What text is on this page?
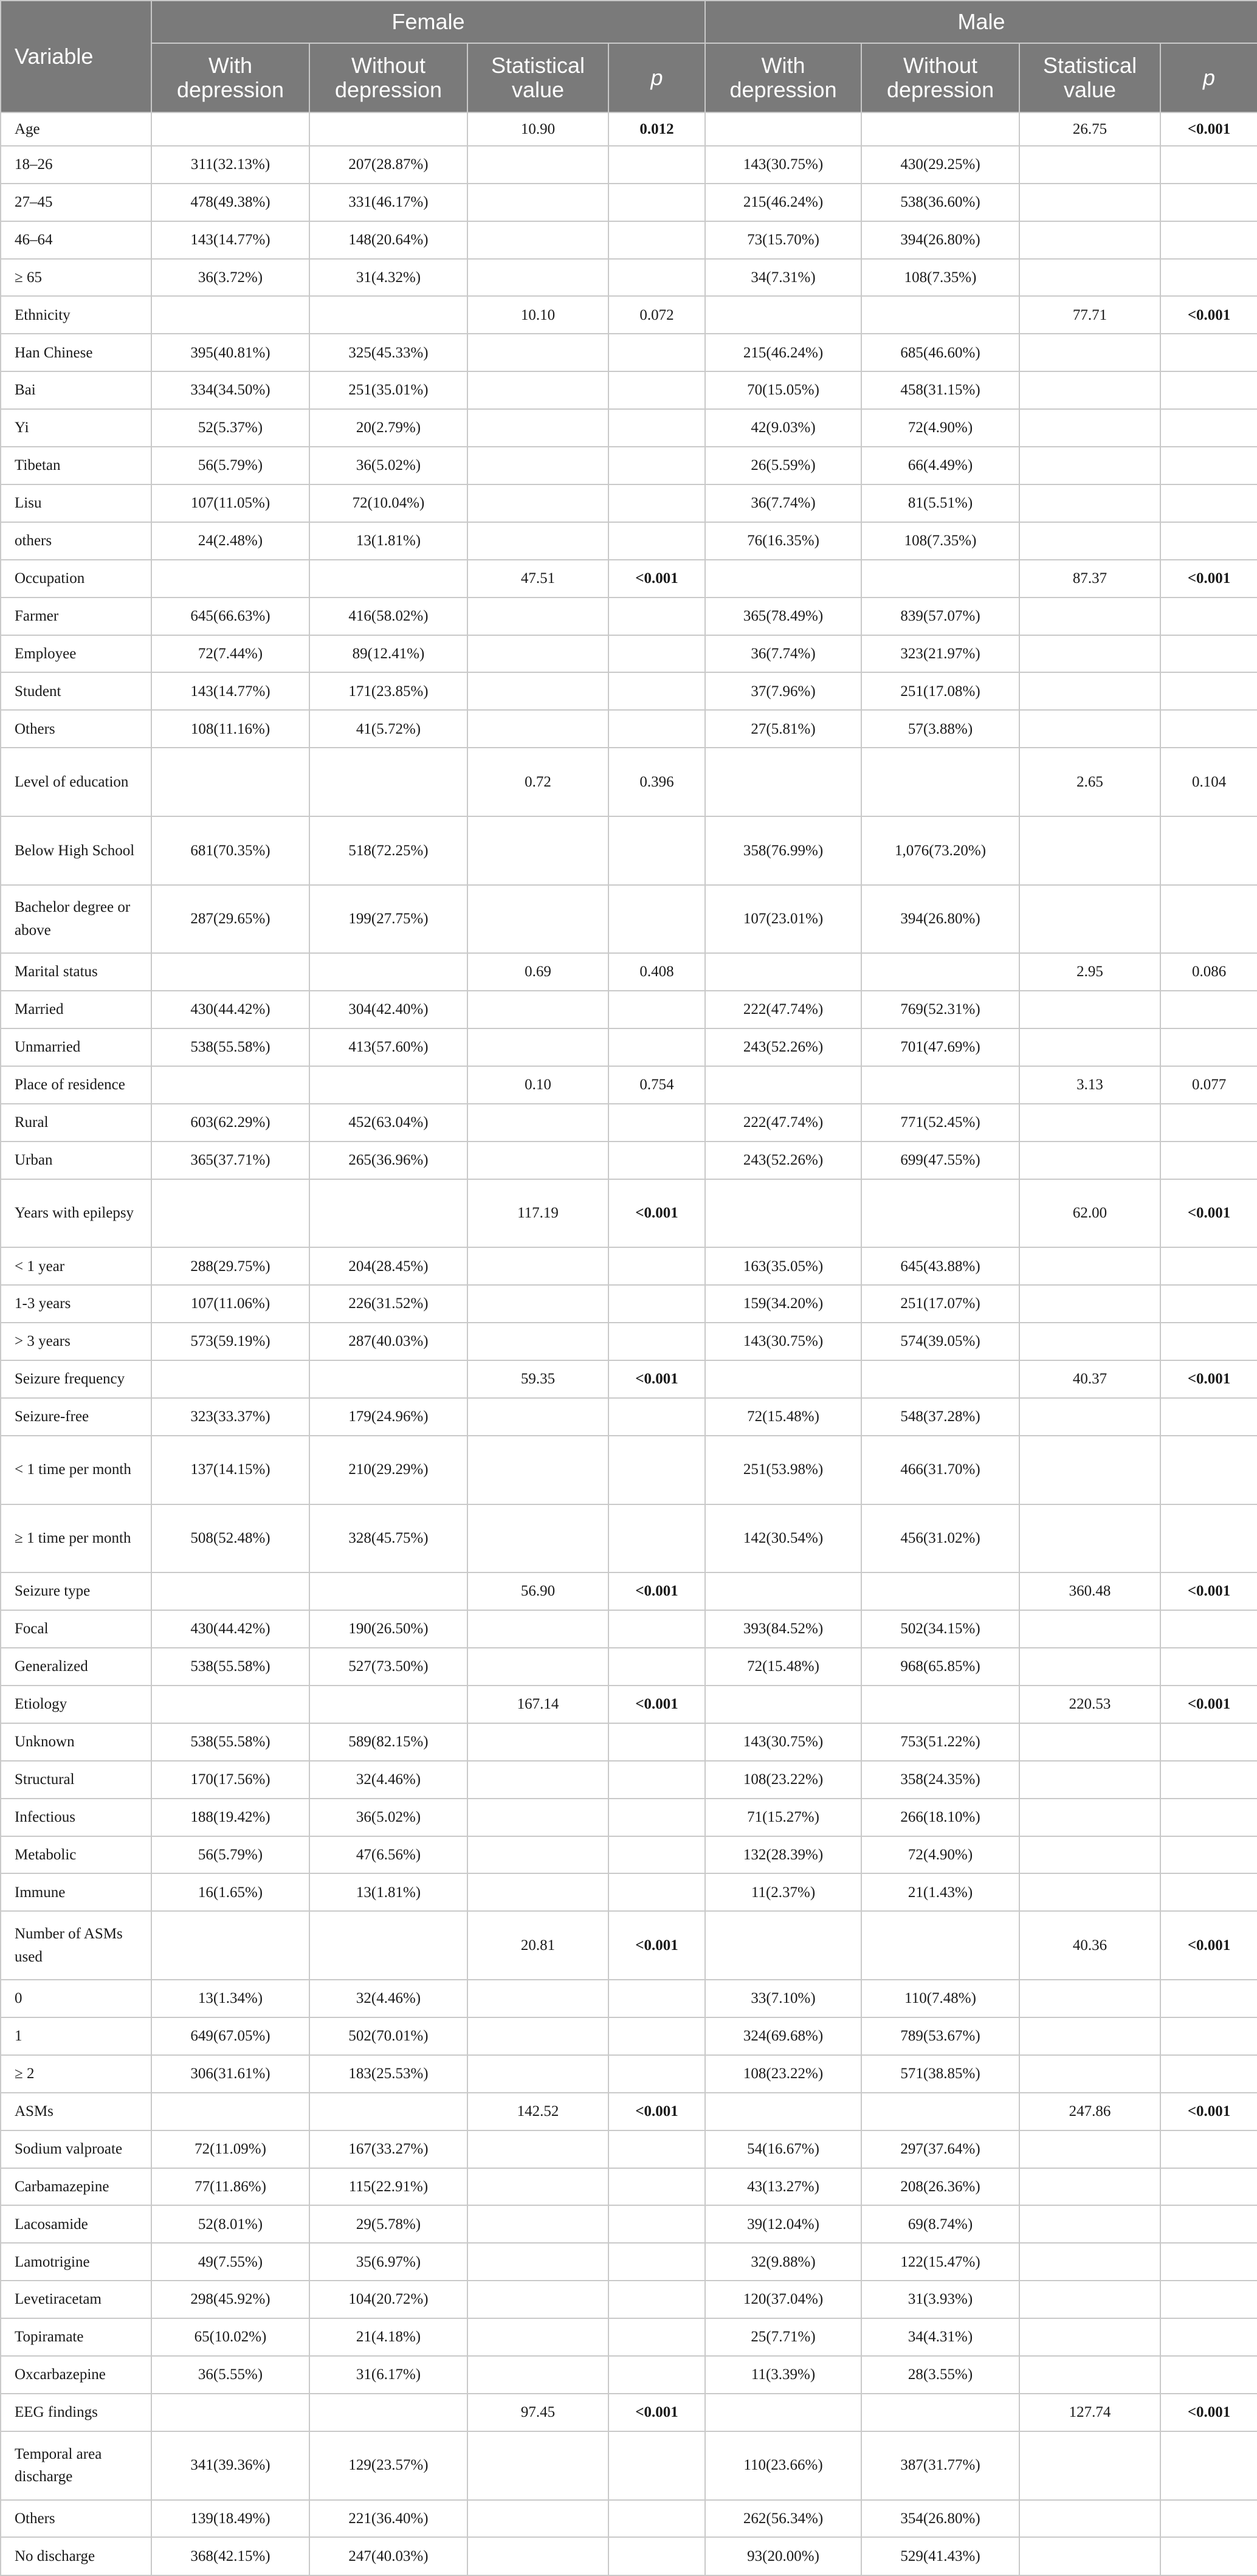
Variable	Female				Male			
	With depression	Without depression	Statistical value	p	With depression	Without depression	Statistical value	p
Age			10.90	0.012			26.75	<0.001
18–26	311(32.13%)	207(28.87%)			143(30.75%)	430(29.25%)		
27–45	478(49.38%)	331(46.17%)			215(46.24%)	538(36.60%)		
46–64	143(14.77%)	148(20.64%)			73(15.70%)	394(26.80%)		
≥ 65	36(3.72%)	31(4.32%)			34(7.31%)	108(7.35%)		
Ethnicity			10.10	0.072			77.71	<0.001
Han Chinese	395(40.81%)	325(45.33%)			215(46.24%)	685(46.60%)		
Bai	334(34.50%)	251(35.01%)			70(15.05%)	458(31.15%)		
Yi	52(5.37%)	20(2.79%)			42(9.03%)	72(4.90%)		
Tibetan	56(5.79%)	36(5.02%)			26(5.59%)	66(4.49%)		
Lisu	107(11.05%)	72(10.04%)			36(7.74%)	81(5.51%)		
others	24(2.48%)	13(1.81%)			76(16.35%)	108(7.35%)		
Occupation			47.51	<0.001			87.37	<0.001
Farmer	645(66.63%)	416(58.02%)			365(78.49%)	839(57.07%)		
Employee	72(7.44%)	89(12.41%)			36(7.74%)	323(21.97%)		
Student	143(14.77%)	171(23.85%)			37(7.96%)	251(17.08%)		
Others	108(11.16%)	41(5.72%)			27(5.81%)	57(3.88%)		
Level of education			0.72	0.396			2.65	0.104
Below High School	681(70.35%)	518(72.25%)			358(76.99%)	1,076(73.20%)		
Bachelor degree or above	287(29.65%)	199(27.75%)			107(23.01%)	394(26.80%)		
Marital status			0.69	0.408			2.95	0.086
Married	430(44.42%)	304(42.40%)			222(47.74%)	769(52.31%)		
Unmarried	538(55.58%)	413(57.60%)			243(52.26%)	701(47.69%)		
Place of residence			0.10	0.754			3.13	0.077
Rural	603(62.29%)	452(63.04%)			222(47.74%)	771(52.45%)		
Urban	365(37.71%)	265(36.96%)			243(52.26%)	699(47.55%)		
Years with epilepsy			117.19	<0.001			62.00	<0.001
< 1 year	288(29.75%)	204(28.45%)			163(35.05%)	645(43.88%)		
1-3 years	107(11.06%)	226(31.52%)			159(34.20%)	251(17.07%)		
> 3 years	573(59.19%)	287(40.03%)			143(30.75%)	574(39.05%)		
Seizure frequency			59.35	<0.001			40.37	<0.001
Seizure-free	323(33.37%)	179(24.96%)			72(15.48%)	548(37.28%)		
< 1 time per month	137(14.15%)	210(29.29%)			251(53.98%)	466(31.70%)		
≥ 1 time per month	508(52.48%)	328(45.75%)			142(30.54%)	456(31.02%)		
Seizure type			56.90	<0.001			360.48	<0.001
Focal	430(44.42%)	190(26.50%)			393(84.52%)	502(34.15%)		
Generalized	538(55.58%)	527(73.50%)			72(15.48%)	968(65.85%)		
Etiology			167.14	<0.001			220.53	<0.001
Unknown	538(55.58%)	589(82.15%)			143(30.75%)	753(51.22%)		
Structural	170(17.56%)	32(4.46%)			108(23.22%)	358(24.35%)		
Infectious	188(19.42%)	36(5.02%)			71(15.27%)	266(18.10%)		
Metabolic	56(5.79%)	47(6.56%)			132(28.39%)	72(4.90%)		
Immune	16(1.65%)	13(1.81%)			11(2.37%)	21(1.43%)		
Number of ASMs used			20.81	<0.001			40.36	<0.001
0	13(1.34%)	32(4.46%)			33(7.10%)	110(7.48%)		
1	649(67.05%)	502(70.01%)			324(69.68%)	789(53.67%)		
≥ 2	306(31.61%)	183(25.53%)			108(23.22%)	571(38.85%)		
ASMs			142.52	<0.001			247.86	<0.001
Sodium valproate	72(11.09%)	167(33.27%)			54(16.67%)	297(37.64%)		
Carbamazepine	77(11.86%)	115(22.91%)			43(13.27%)	208(26.36%)		
Lacosamide	52(8.01%)	29(5.78%)			39(12.04%)	69(8.74%)		
Lamotrigine	49(7.55%)	35(6.97%)			32(9.88%)	122(15.47%)		
Levetiracetam	298(45.92%)	104(20.72%)			120(37.04%)	31(3.93%)		
Topiramate	65(10.02%)	21(4.18%)			25(7.71%)	34(4.31%)		
Oxcarbazepine	36(5.55%)	31(6.17%)			11(3.39%)	28(3.55%)		
EEG findings			97.45	<0.001			127.74	<0.001
Temporal area discharge	341(39.36%)	129(23.57%)			110(23.66%)	387(31.77%)		
Others	139(18.49%)	221(36.40%)			262(56.34%)	354(26.80%)		
No discharge	368(42.15%)	247(40.03%)			93(20.00%)	529(41.43%)		
